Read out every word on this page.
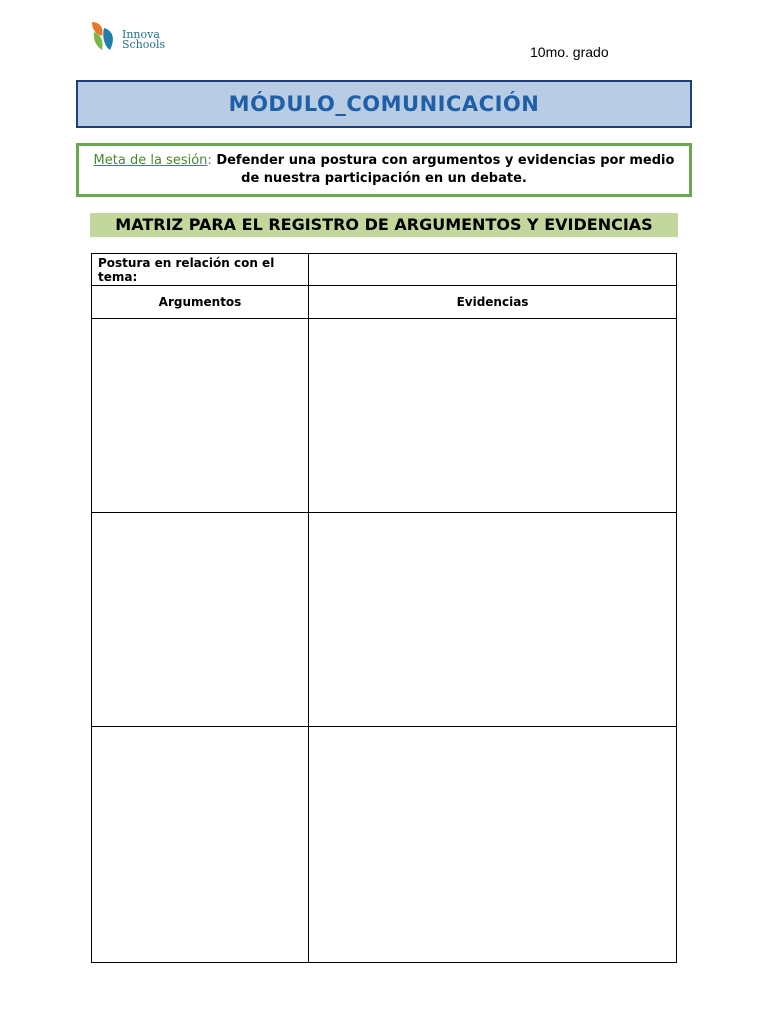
Innova
Schools	10mo. grado
MÓDULO_COMUNICACIÓN
Meta de la sesión: Defender una postura con argumentos y evidencias por medio de nuestra participación en un debate.
MATRIZ PARA EL REGISTRO DE ARGUMENTOS Y EVIDENCIAS
Postura en relación con el tema:	
Argumentos	Evidencias
